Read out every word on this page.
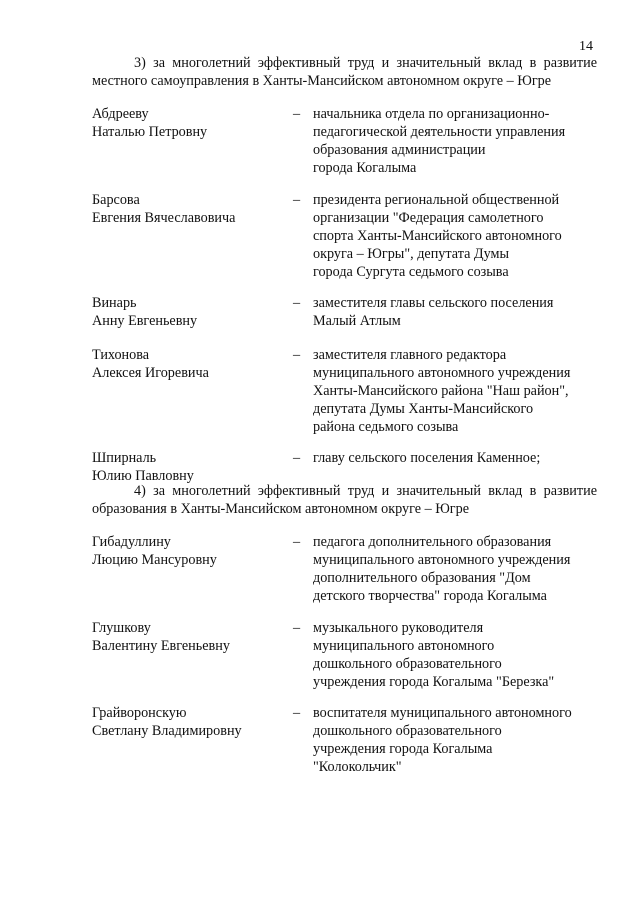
14
3) за многолетний эффективный труд и значительный вклад в развитие
местного самоуправления в Ханты-Мансийском автономном округе – Югре
Абдрееву
Наталью Петровну
– начальника отдела по организационно-
педагогической деятельности управления
образования администрации
города Когалыма
Барсова
Евгения Вячеславовича
– президента региональной общественной
организации "Федерация самолетного
спорта Ханты-Мансийского автономного
округа – Югры", депутата Думы
города Сургута седьмого созыва
Винарь
Анну Евгеньевну
– заместителя главы сельского поселения
Малый Атлым
Тихонова
Алексея Игоревича
– заместителя главного редактора
муниципального автономного учреждения
Ханты-Мансийского района "Наш район",
депутата Думы Ханты-Мансийского
района седьмого созыва
Шпирналь
Юлию Павловну
– главу сельского поселения Каменное;
4) за многолетний эффективный труд и значительный вклад в развитие
образования в Ханты-Мансийском автономном округе – Югре
Гибадуллину
Люцию Мансуровну
– педагога дополнительного образования
муниципального автономного учреждения
дополнительного образования "Дом
детского творчества" города Когалыма
Глушкову
Валентину Евгеньевну
– музыкального руководителя
муниципального автономного
дошкольного образовательного
учреждения города Когалыма "Березка"
Грайворонскую
Светлану Владимировну
– воспитателя муниципального автономного
дошкольного образовательного
учреждения города Когалыма
"Колокольчик"
